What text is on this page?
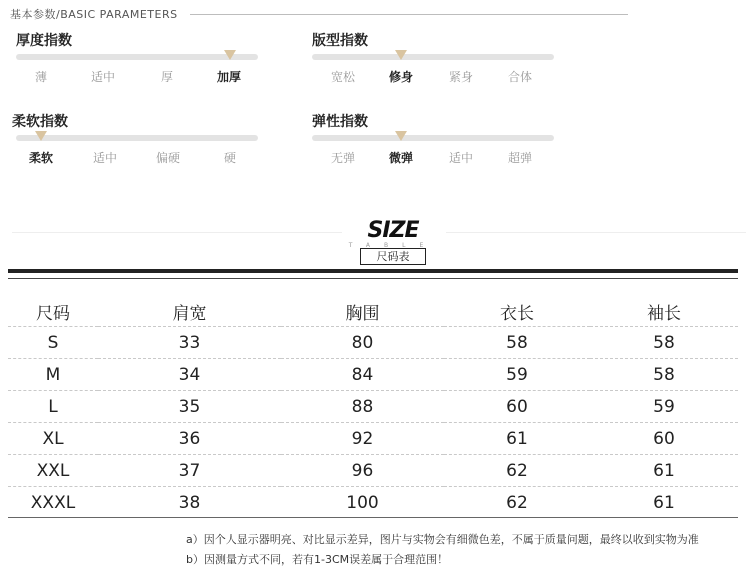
基本参数/BASIC PARAMETERS
厚度指数
薄	适中	厚	加厚
版型指数
宽松	修身	紧身	合体
柔软指数
柔软	适中	偏硬	硬
弹性指数
无弹	微弹	适中	超弹
SIZE
TABLE
尺码表
尺码	肩宽	胸围	衣长	袖长
S	33	80	58	58
M	34	84	59	58
L	35	88	60	59
XL	36	92	61	60
XXL	37	96	62	61
XXXL	38	100	62	61
a）因个人显示器明亮、对比显示差异，图片与实物会有细微色差，不属于质量问题，最终以收到实物为准
b）因测量方式不同，若有1-3CM误差属于合理范围！
